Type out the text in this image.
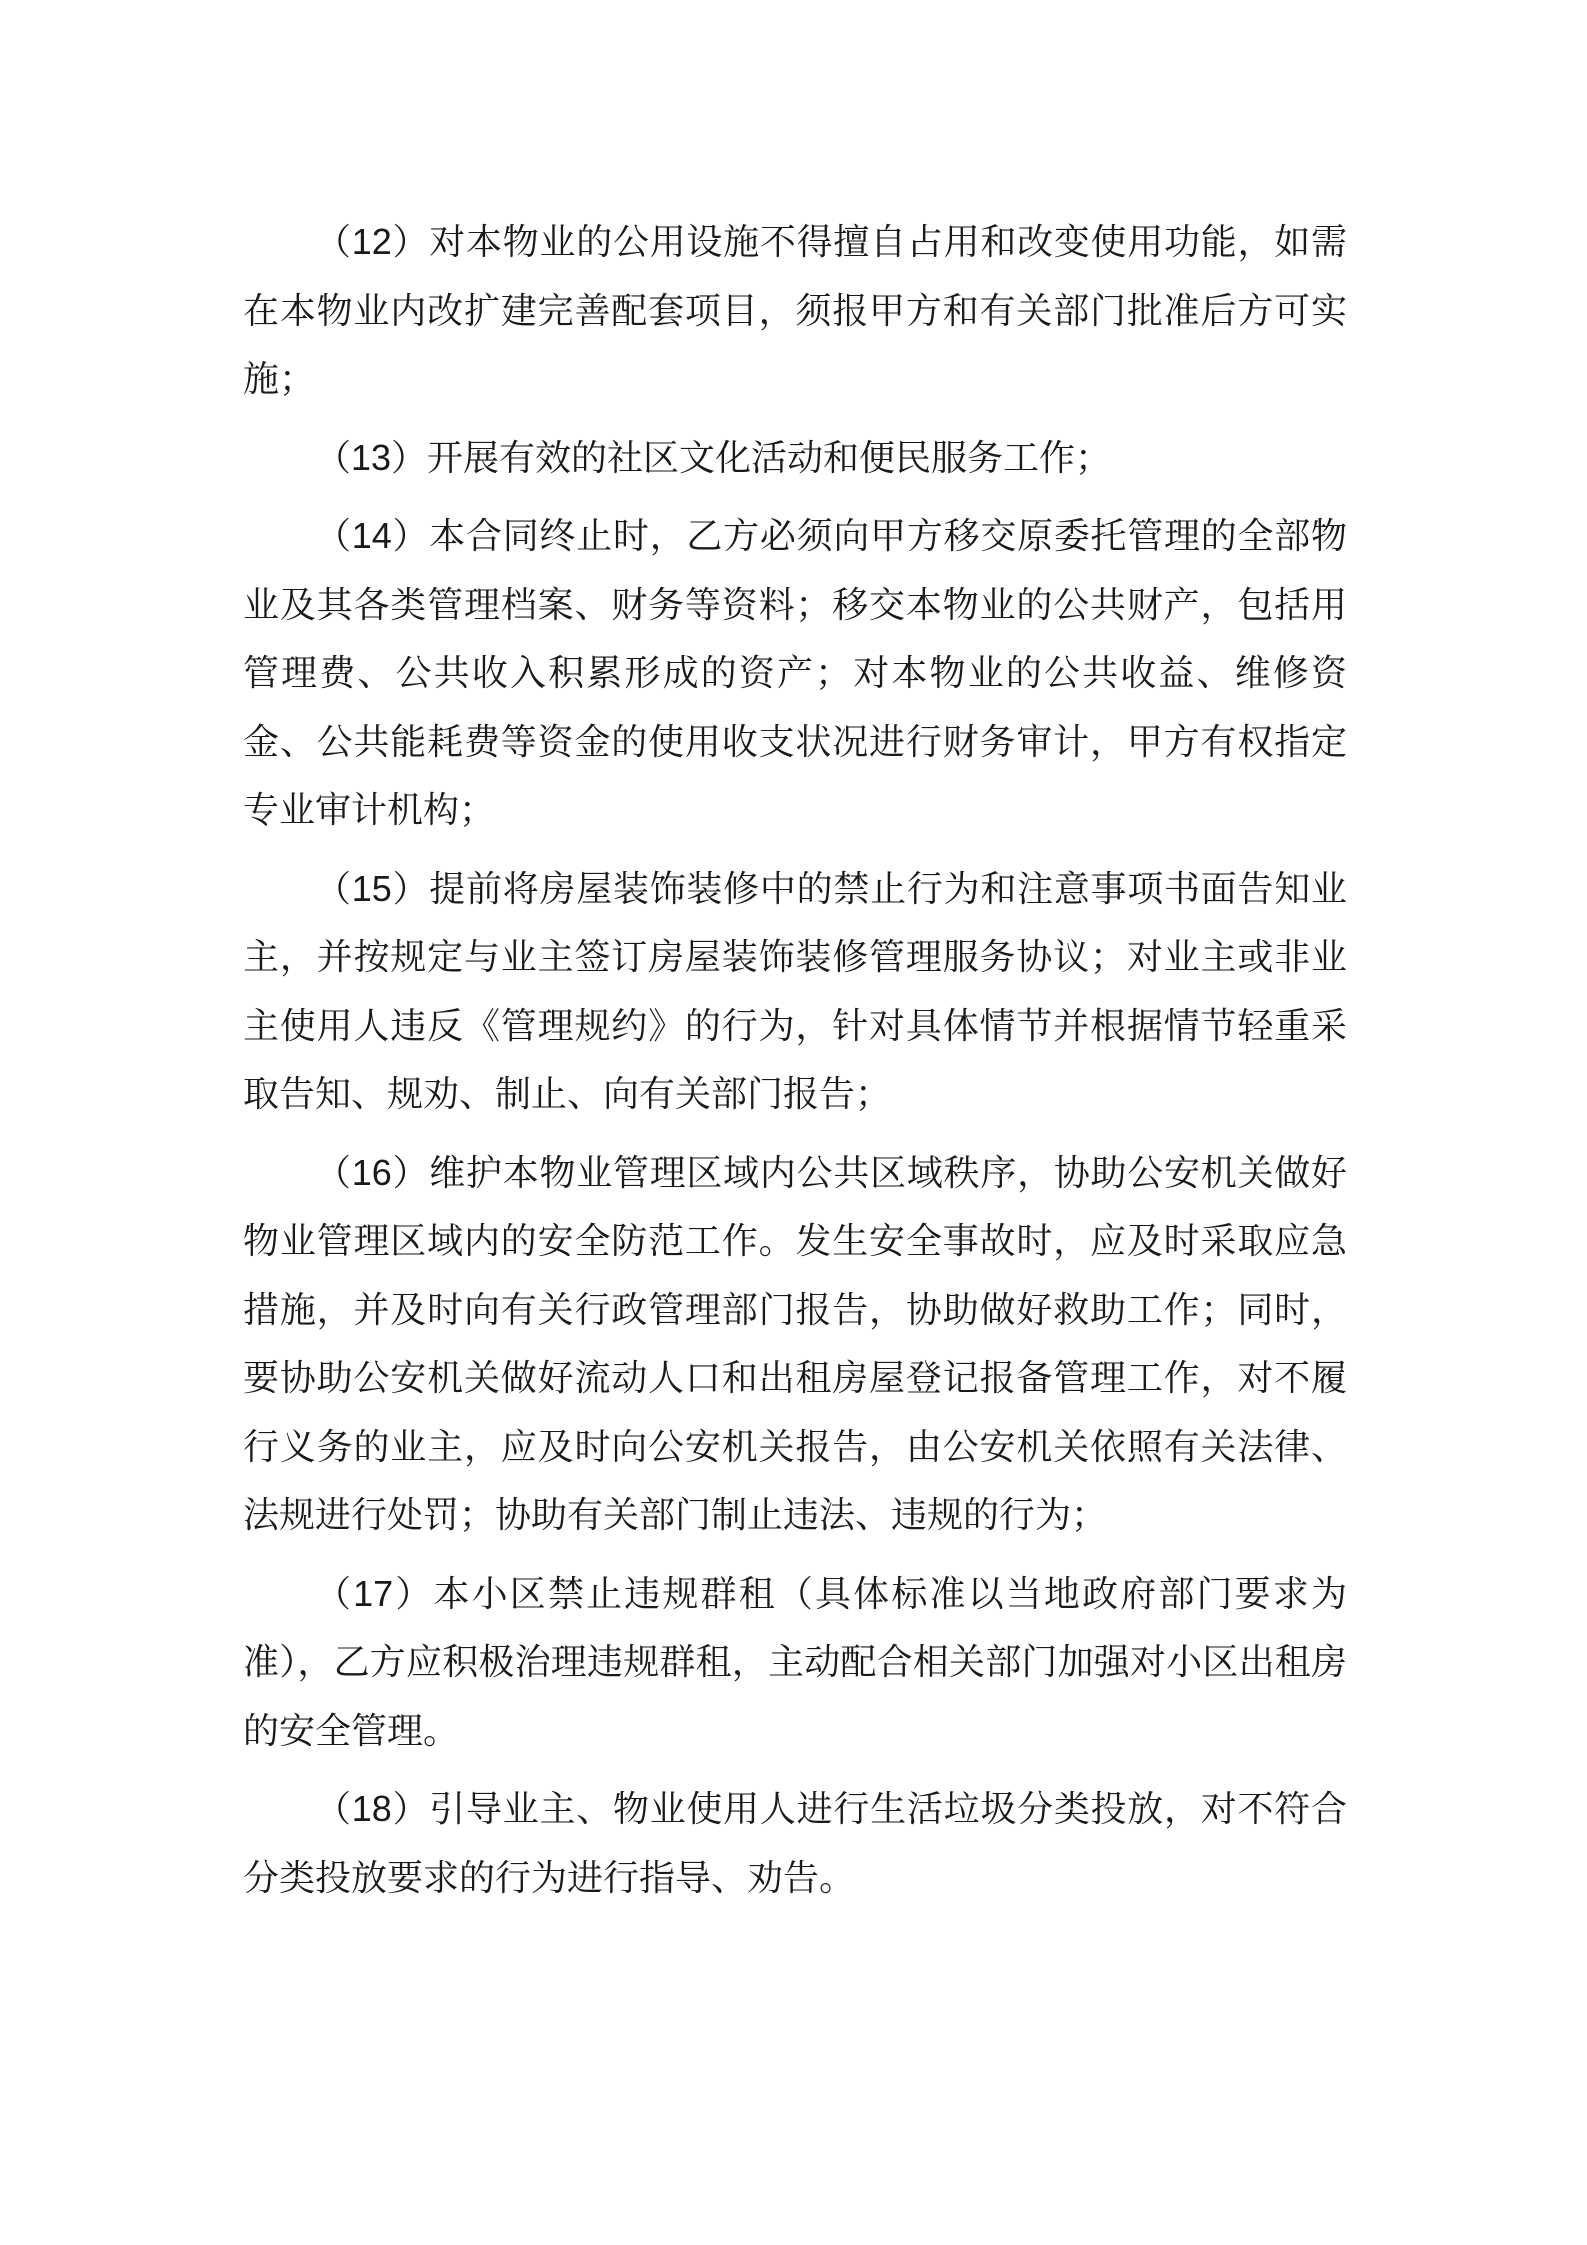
（12）对本物业的公用设施不得擅自占用和改变使用功能，如需在本物业内改扩建完善配套项目，须报甲方和有关部门批准后方可实施；

（13）开展有效的社区文化活动和便民服务工作；

（14）本合同终止时，乙方必须向甲方移交原委托管理的全部物业及其各类管理档案、财务等资料；移交本物业的公共财产，包括用管理费、公共收入积累形成的资产；对本物业的公共收益、维修资金、公共能耗费等资金的使用收支状况进行财务审计，甲方有权指定专业审计机构；

（15）提前将房屋装饰装修中的禁止行为和注意事项书面告知业主，并按规定与业主签订房屋装饰装修管理服务协议；对业主或非业主使用人违反《管理规约》的行为，针对具体情节并根据情节轻重采取告知、规劝、制止、向有关部门报告；

（16）维护本物业管理区域内公共区域秩序，协助公安机关做好物业管理区域内的安全防范工作。发生安全事故时，应及时采取应急措施，并及时向有关行政管理部门报告，协助做好救助工作；同时，要协助公安机关做好流动人口和出租房屋登记报备管理工作，对不履行义务的业主，应及时向公安机关报告，由公安机关依照有关法律、法规进行处罚；协助有关部门制止违法、违规的行为；

（17）本小区禁止违规群租（具体标准以当地政府部门要求为准），乙方应积极治理违规群租，主动配合相关部门加强对小区出租房的安全管理。

（18）引导业主、物业使用人进行生活垃圾分类投放，对不符合分类投放要求的行为进行指导、劝告。
